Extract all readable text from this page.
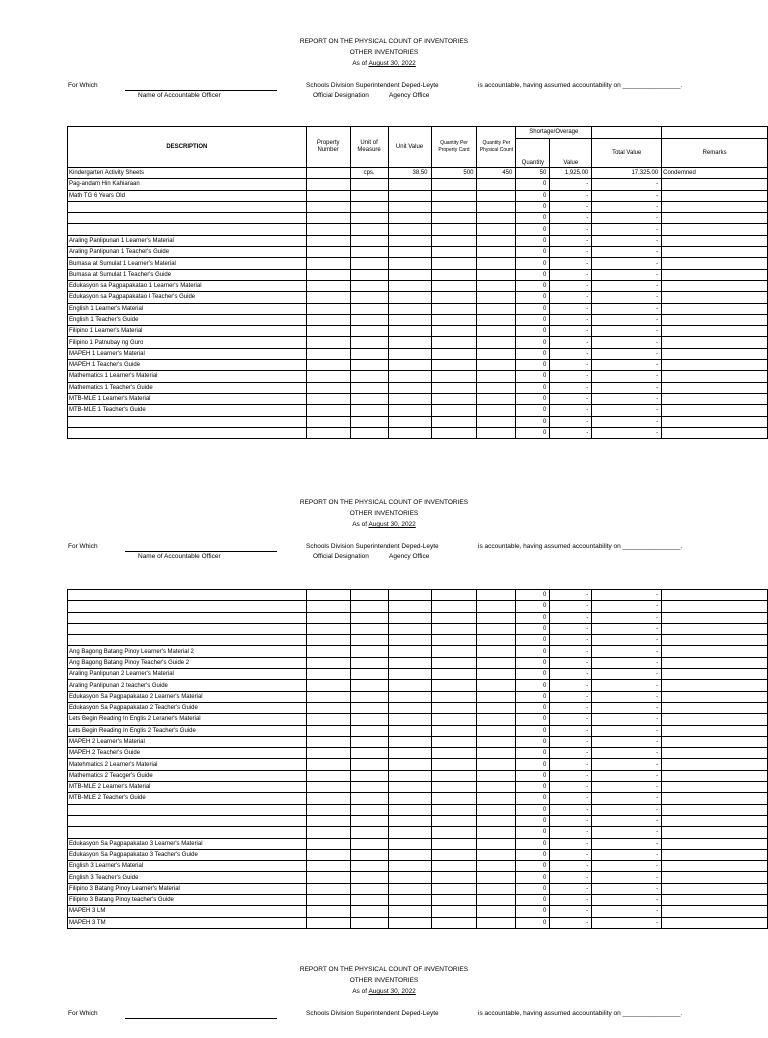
REPORT ON THE PHYSICAL COUNT OF INVENTORIES
OTHER INVENTORIES
As of August 30, 2022
For Which
Name of Accountable Officer
Schools Division Superintendent Deped-Leyte
Official Designation	Agency Office
is accountable, having assumed accountability on ________________.
DESCRIPTION	Property Number	Unit of Measure	Unit Value	Quantity Per Property Card	Quantity Per Physical Count	Shortage/Overage			
						Quantity	Value	Total Value	Remarks

Kindergarten Activity Sheets		cps.	38.50	500	450	50	1,925.00	17,325.00	Condemned
Pag-andam Hin Kahiaraan						0	-	-	
Math TG 6 Years Old						0	-	-	
						0	-	-	
						0	-	-	
						0	-	-	
Araling Panlipunan 1 Learner's Material						0	-	-	
Araling Panlipunan 1 Teacher's Guide						0	-	-	
Bumasa at Sumulat 1 Learner's Material						0	-	-	
Bumasa at Sumulat 1 Teacher's Guide						0	-	-	
Edukasyon sa Pagpapakatao 1 Learner's Material						0	-	-	
Edukasyon sa Pagpapakatao I Teacher's Guide						0	-	-	
English 1 Learner's Material						0	-	-	
English 1 Teacher's Guide						0	-	-	
Filipino 1 Learner's Material						0	-	-	
Filipino 1 Patnubay ng Guro						0	-	-	
MAPEH 1 Learner's Material						0	-	-	
MAPEH 1 Teacher's Guide						0	-	-	
Mathematics 1 Learner's Material						0	-	-	
Mathematics 1 Teacher's Guide						0	-	-	
MTB-MLE 1 Learner's Material						0	-	-	
MTB-MLE 1 Teacher's Guide						0	-	-	
						0	-	-	
						0	-	-	
REPORT ON THE PHYSICAL COUNT OF INVENTORIES
OTHER INVENTORIES
As of August 30, 2022
For Which
Name of Accountable Officer
Schools Division Superintendent Deped-Leyte
Official Designation	Agency Office
is accountable, having assumed accountability on ________________.
						0	-	-	
						0	-	-	
						0	-	-	
						0	-	-	
						0	-	-	
Ang Bagong Batang Pinoy Learner's Material 2						0	-	-	
Ang Bagong Batang Pinoy Teacher's Guide 2						0	-	-	
Araling Panlipunan 2 Learner's Material						0	-	-	
Araling Panlipunan 2 teacher's Guide						0	-	-	
Edukasyon Sa Pagpapakatao 2 Learner's Material						0	-	-	
Edukasyon Sa Pagpapakatao 2 Teacher's Guide						0	-	-	
Lets Begin Reading In Englis 2 Leraner's Material						0	-	-	
Lets Begin Reading In Englis 2 Teacher's Guide						0	-	-	
MAPEH 2 Learner's Material						0	-	-	
MAPEH 2 Teacher's Guide						0	-	-	
Matehmatics 2 Learner's Material						0	-	-	
Mathematics 2 Teacger's Guide						0	-	-	
MTB-MLE 2 Learner's Material						0	-	-	
MTB-MLE 2 Teacher's Guide						0	-	-	
						0	-	-	
						0	-	-	
						0	-	-	
Edukasyon Sa Pagpapakatao 3 Learner's Material						0	-	-	
Edukasyon Sa Pagpapakatao 3 Teacher's Guide						0	-	-	
English 3 Learner's Material						0	-	-	
English 3 Teacher's Guide						0	-	-	
Filipino 3 Batang Pinoy Learner's Material						0	-	-	
Filipino 3 Batang Pinoy teacher's Guide						0	-	-	
MAPEH 3 LM						0	-	-	
MAPEH 3 TM						0	-	-	
REPORT ON THE PHYSICAL COUNT OF INVENTORIES
OTHER INVENTORIES
As of August 30, 2022
For Which	Schools Division Superintendent Deped-Leyte	is accountable, having assumed accountability on ________________.
